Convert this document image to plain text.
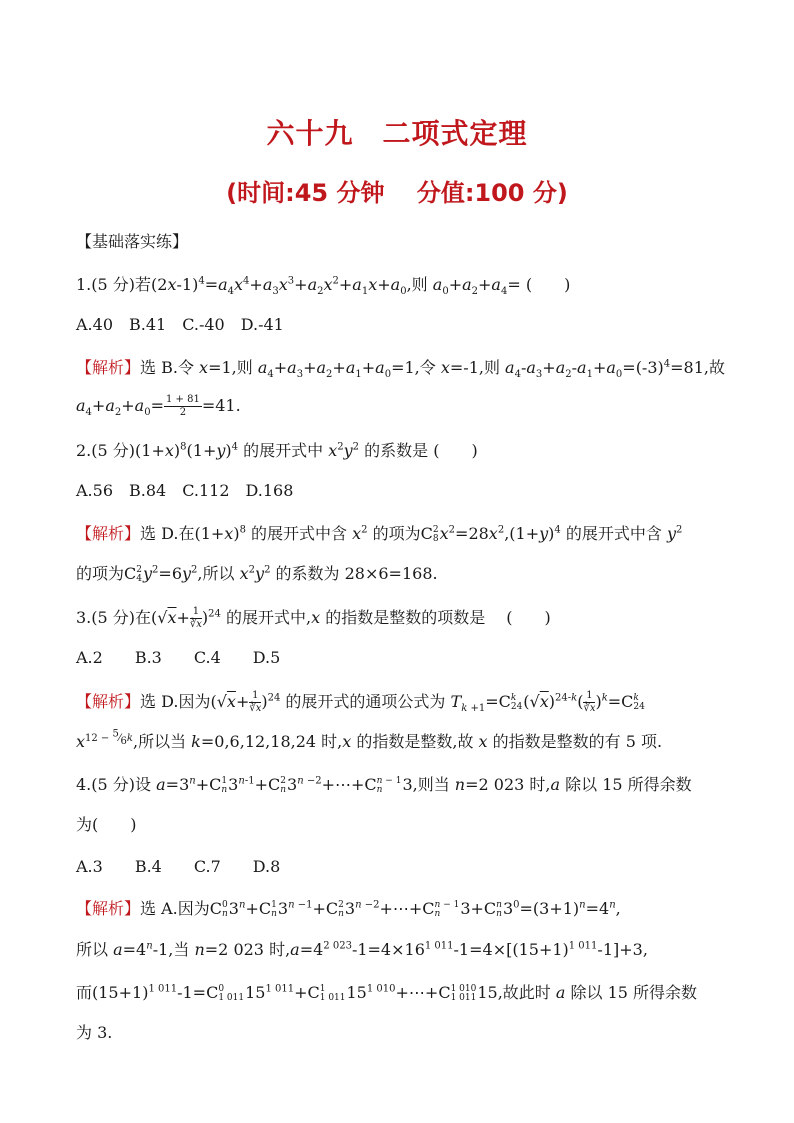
六十九　二项式定理
(时间:45 分钟　 分值:100 分)
【基础落实练】
1.(5 分)若$(2x-1)^4=a_4x^4+a_3x^3+a_2x^2+a_1x+a_0$,则 $a_0+a_2+a_4=$ (　　)
A.40　B.41　C.-40　D.-41
【解析】选 B.令 x=1,则 $a_4+a_3+a_2+a_1+a_0=1$,令 x=-1,则 $a_4-a_3+a_2-a_1+a_0=(-3)^4=81$,故
$a_4+a_2+a_0= \frac{1 + 81}{2} =41$.
2.(5 分)$(1+x)^8(1+y)^4$ 的展开式中 $x^2y^2$ 的系数是 (　　)
A.56　B.84　C.112　D.168
【解析】选 D.在$(1+x)^8$ 的展开式中含 $x^2$ 的项为C 2
8 $x^2=28x^2,(1+y)^4$ 的展开式中含 $y^2$
的项为C 2
4 $y^2=6y^2$,所以 $x^2y^2$ 的系数为 28×6=168.
3.(5 分)在$(√x+ \frac{1}{∛x} )^{24}$ 的展开式中,x 的指数是整数的项数是　 (　　)
A.2　　B.3　　C.4　　D.5
【解析】选 D.因为$(√x+ \frac{1}{∛x} )^{24}$ 的展开式的通项公式为 $T_{k +1}=C$ k
24 $(√x)^{24-k}( \frac{1}{∛x} )^k=C$ k
24
$x^{12 - ^5⁄_6k}$,所以当 k=0,6,12,18,24 时,x 的指数是整数,故 x 的指数是整数的有 5 项.
4.(5 分)设 $a=3^n+C$ 1
n $3^{n-1}+C$ 2
n $3^{n -2}+\cdots+C$ n − 1
n	3,则当 n=2 023 时,a 除以 15 所得余数
为(　　)
A.3　　B.4　　C.7　　D.8
【解析】选 A.因为C 0
n $3^n+C$ 1
n $3^{n -1}+C$ 2
n $3^{n -2}+\cdots+C$ n − 1
n	3+C n
n $3^0=(3+1)^n=4^n$,
所以 $a=4^n-1$,当 n=2 023 时$,a=4^{2 023}-1=4\times 16^{1 011}-1=4\times[(15+1)^{1 011}-1]+3$,
而$(15+1)^{1 011}-1=C$ 0
1 011 $15^{1 011}+C$ 1
1 011 $15^{1 010}+\cdots+C$ 1 010
1 011 15,故此时 a 除以 15 所得余数
为 3.
